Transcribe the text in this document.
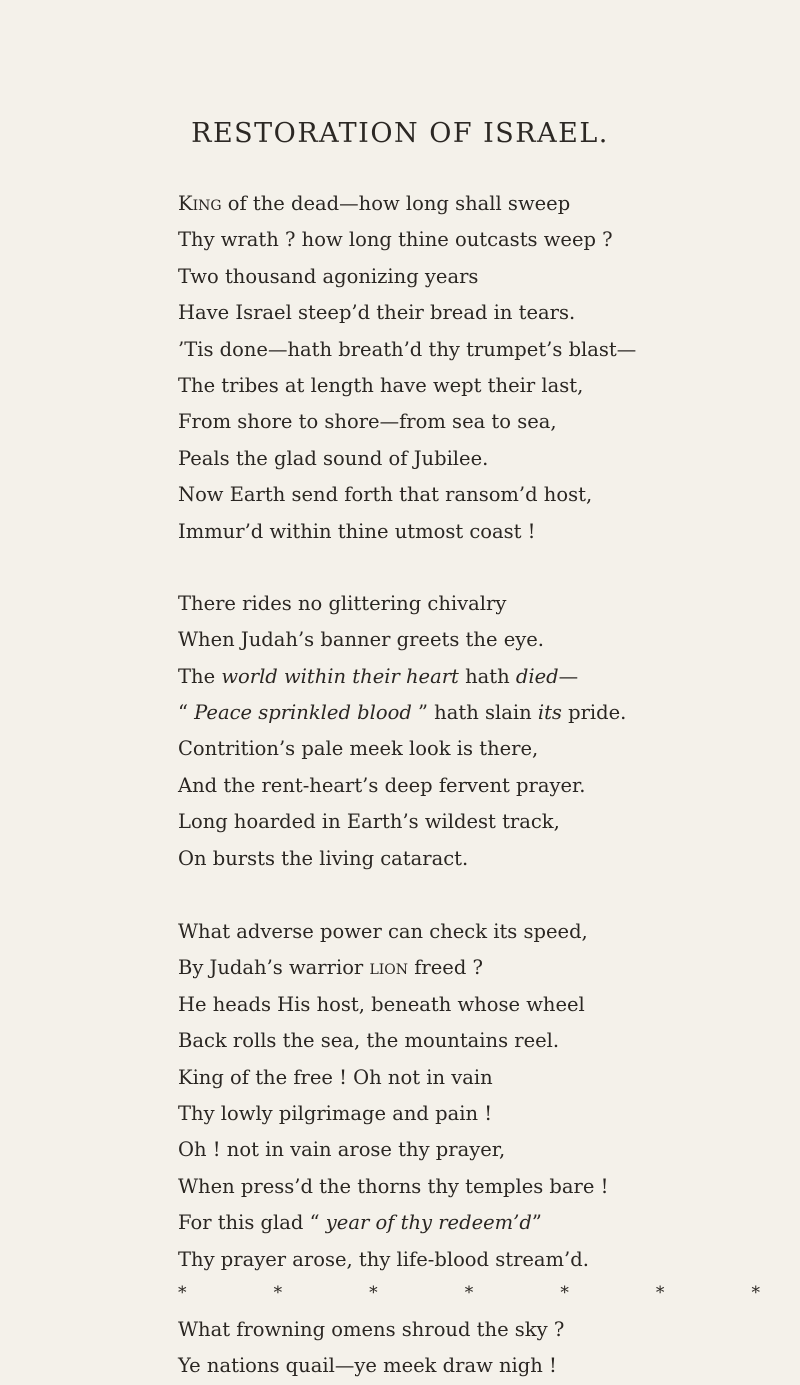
RESTORATION OF ISRAEL.
King of the dead—how long shall sweep
Thy wrath ? how long thine outcasts weep ?
Two thousand agonizing years
Have Israel steep’d their bread in tears.
’Tis done—hath breath’d thy trumpet’s blast—
The tribes at length have wept their last,
From shore to shore—from sea to sea,
Peals the glad sound of Jubilee.
Now Earth send forth that ransom’d host,
Immur’d within thine utmost coast !
There rides no glittering chivalry
When Judah’s banner greets the eye.
The world within their heart hath died—
“ Peace sprinkled blood ” hath slain its pride.
Contrition’s pale meek look is there,
And the rent-heart’s deep fervent prayer.
Long hoarded in Earth’s wildest track,
On bursts the living cataract.
What adverse power can check its speed,
By Judah’s warrior lion freed ?
He heads His host, beneath whose wheel
Back rolls the sea, the mountains reel.
King of the free ! Oh not in vain
Thy lowly pilgrimage and pain !
Oh ! not in vain arose thy prayer,
When press’d the thorns thy temples bare !
For this glad “ year of thy redeem’d”
Thy prayer arose, thy life-blood stream’d.
*	*	*	*	*	*	*
What frowning omens shroud the sky ?
Ye nations quail—ye meek draw nigh !
